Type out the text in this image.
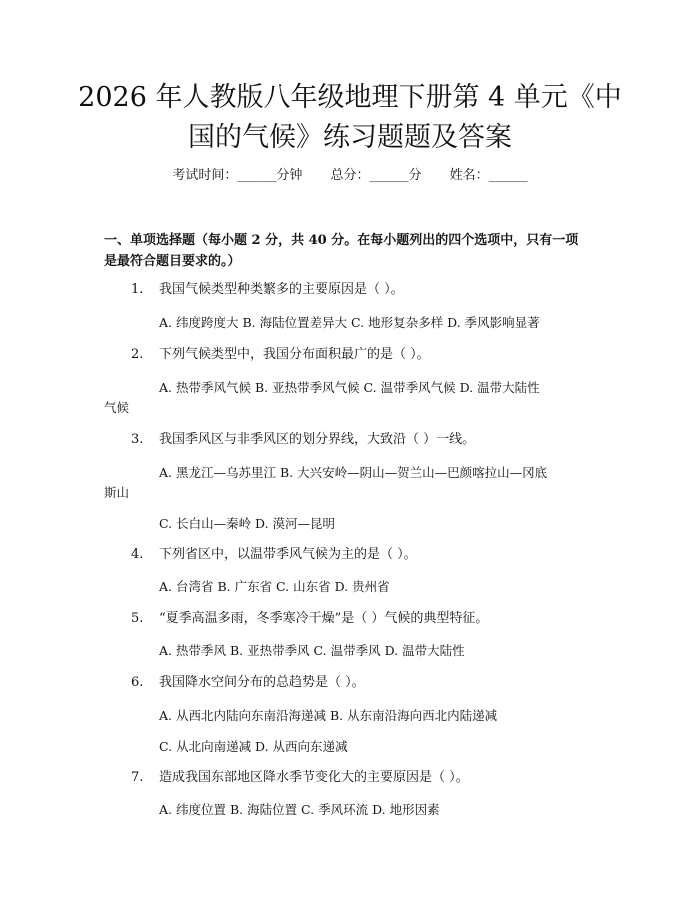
2026 年人教版八年级地理下册第 4 单元《中
国的气候》练习题题及答案
考试时间：______分钟 总分：______分 姓名：______
一、单项选择题（每小题 2 分，共 40 分。在每小题列出的四个选项中，只有一项
是最符合题目要求的。）
1. 我国气候类型种类繁多的主要原因是（ ）。
A. 纬度跨度大 B. 海陆位置差异大 C. 地形复杂多样 D. 季风影响显著
2. 下列气候类型中，我国分布面积最广的是（ ）。
A. 热带季风气候 B. 亚热带季风气候 C. 温带季风气候 D. 温带大陆性
气候
3. 我国季风区与非季风区的划分界线，大致沿（ ）一线。
A. 黑龙江—乌苏里江 B. 大兴安岭—阴山—贺兰山—巴颜喀拉山—冈底
斯山
C. 长白山—秦岭 D. 漠河—昆明
4. 下列省区中，以温带季风气候为主的是（ ）。
A. 台湾省 B. 广东省 C. 山东省 D. 贵州省
5. “夏季高温多雨，冬季寒冷干燥”是（ ）气候的典型特征。
A. 热带季风 B. 亚热带季风 C. 温带季风 D. 温带大陆性
6. 我国降水空间分布的总趋势是（ ）。
A. 从西北内陆向东南沿海递减 B. 从东南沿海向西北内陆递减
C. 从北向南递减 D. 从西向东递减
7. 造成我国东部地区降水季节变化大的主要原因是（ ）。
A. 纬度位置 B. 海陆位置 C. 季风环流 D. 地形因素
